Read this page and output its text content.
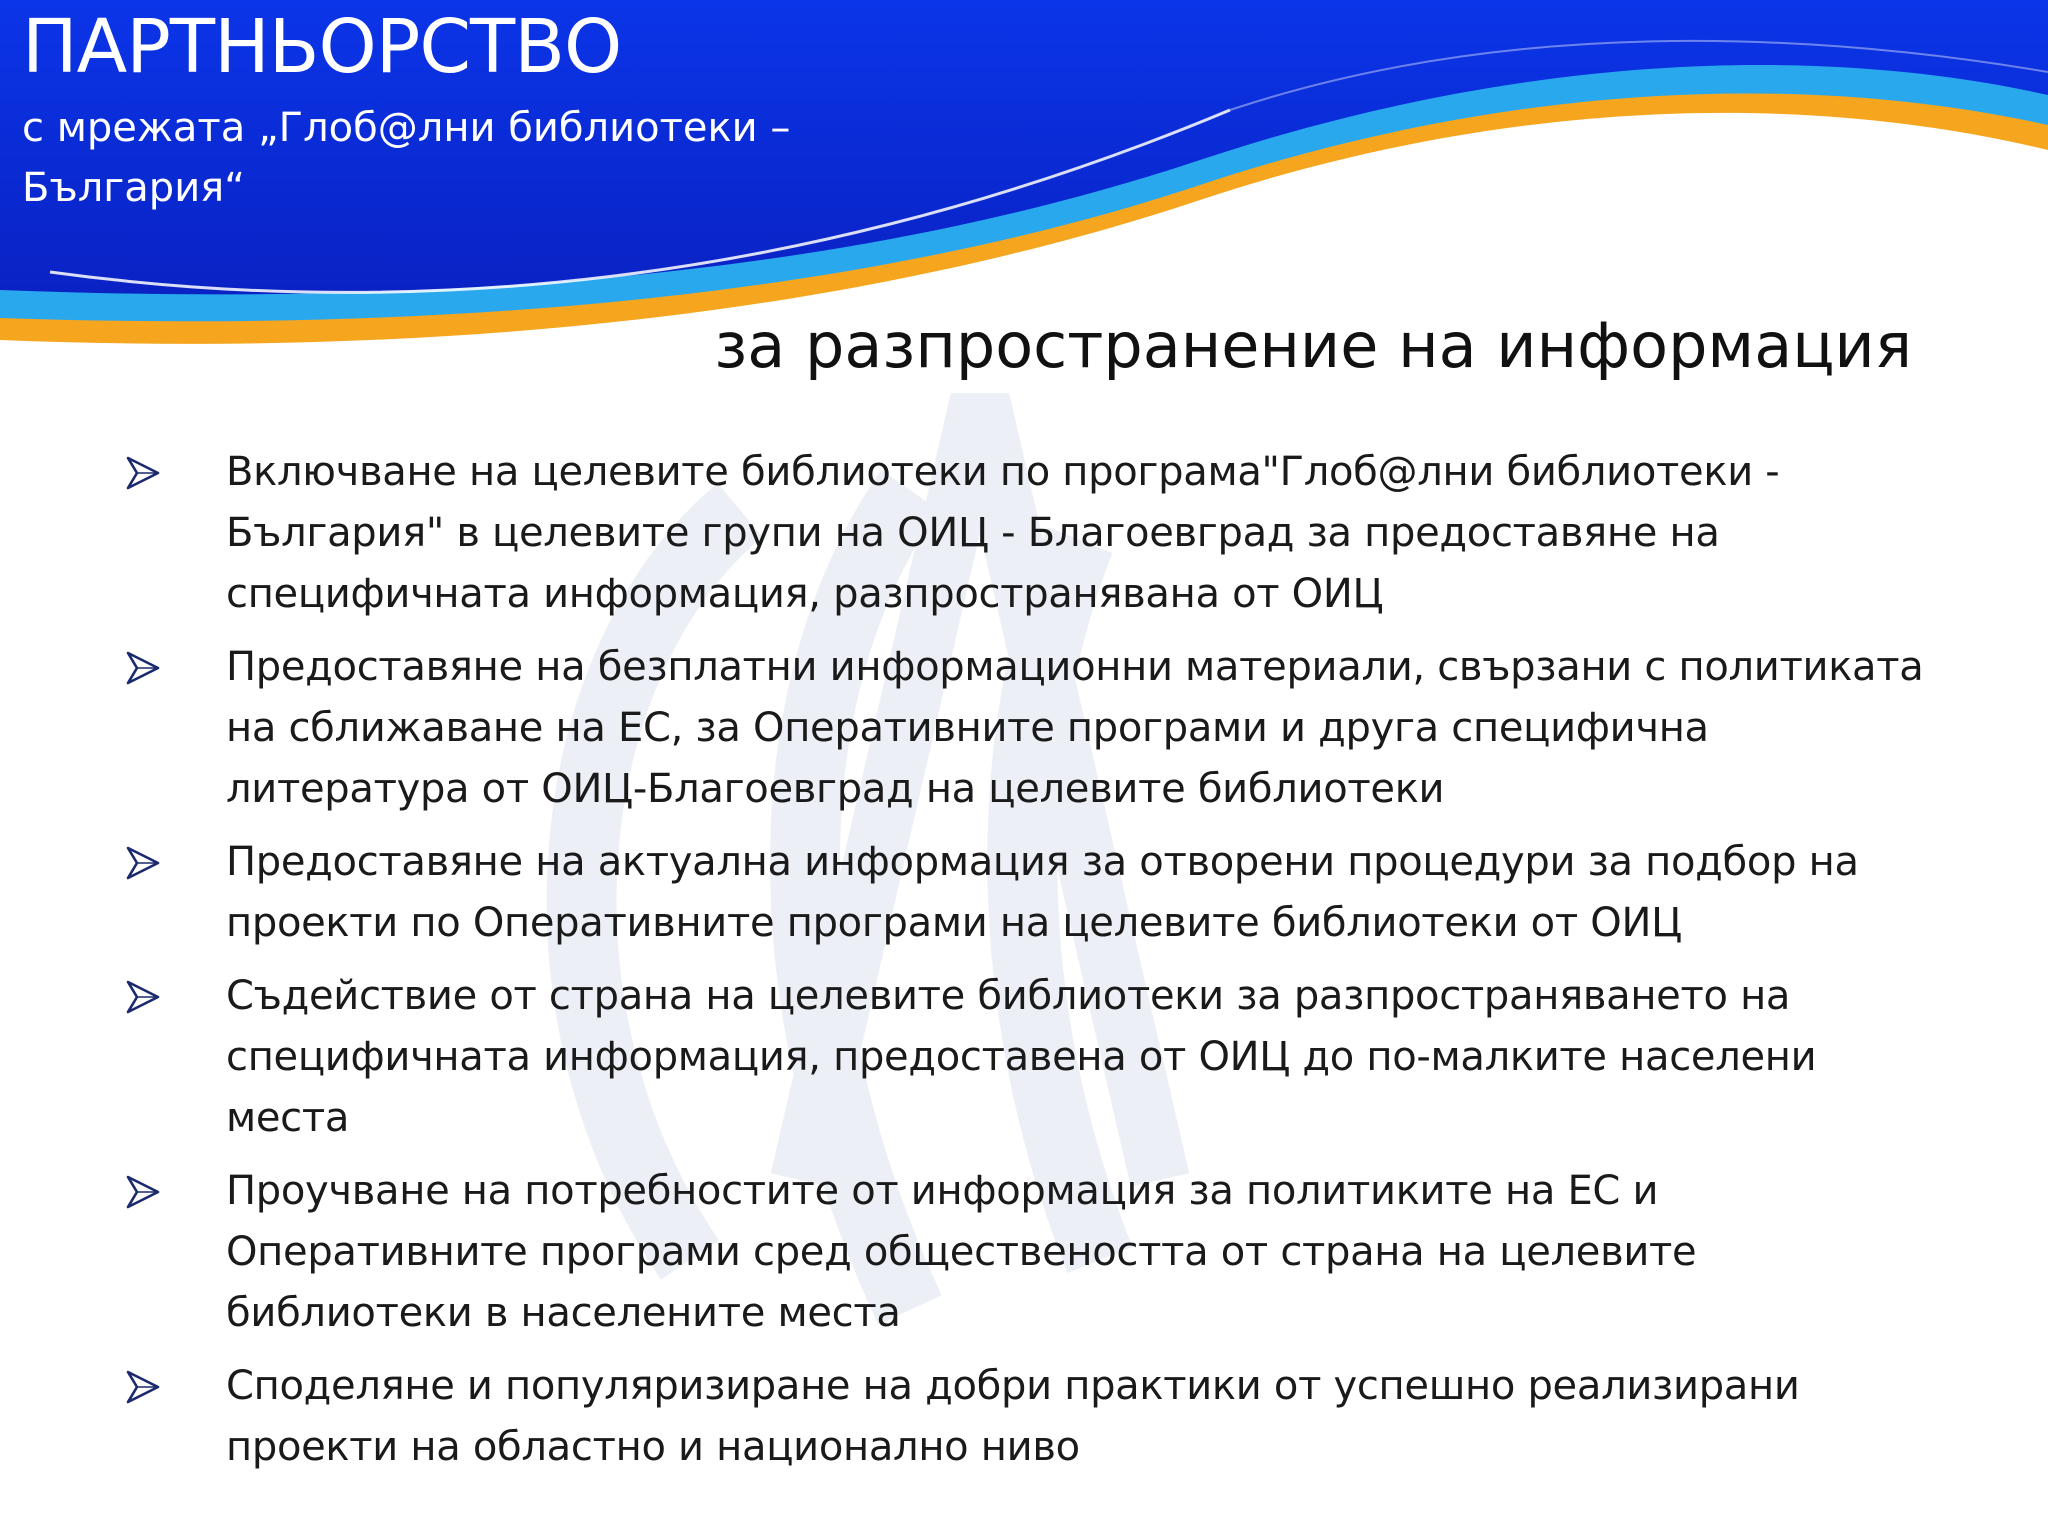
ПАРТНЬОРСТВО
с мрежата „Глоб@лни библиотеки – България“
за разпространение на информация
Включване на целевите библиотеки по програма"Глоб@лни библиотеки - България" в целевите групи на ОИЦ - Благоевград за предоставяне на специфичната информация, разпространявана от ОИЦ
Предоставяне на безплатни информационни материали, свързани с политиката на сближаване на ЕС, за Оперативните програми и друга специфична литература от ОИЦ-Благоевград на целевите библиотеки
Предоставяне на актуална информация за отворени процедури за подбор на проекти по Оперативните програми на целевите библиотеки от ОИЦ
Съдействие от страна на целевите библиотеки за разпространяването на специфичната информация, предоставена от ОИЦ до по-малките населени места
Проучване на потребностите от информация за политиките на ЕС и Оперативните програми сред обществеността от страна на целевите библиотеки в населените места
Споделяне и популяризиране на добри практики от успешно реализирани проекти на областно и национално ниво
